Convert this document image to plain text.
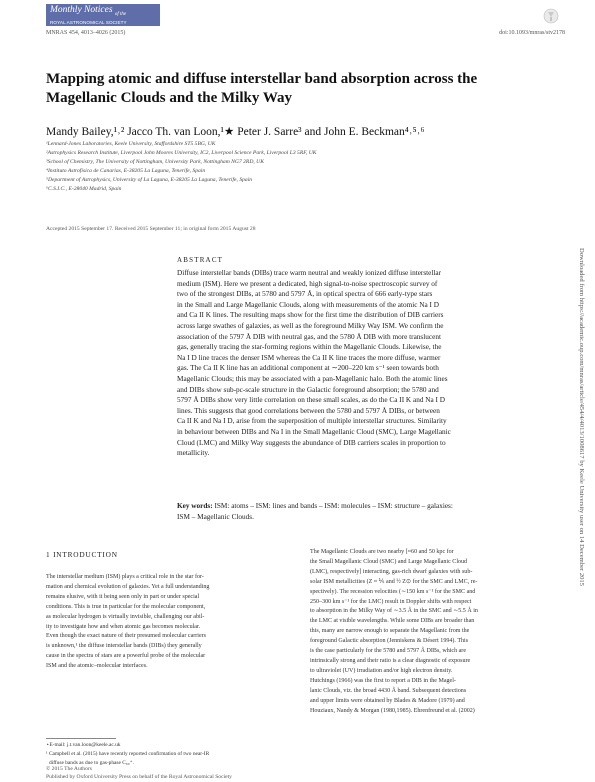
Monthly Notices $_{of the}$
ROYAL ASTRONOMICAL SOCIETY
MNRAS 454, 4013–4026 (2015)	doi:10.1093/mnras/stv2178
Mapping atomic and diffuse interstellar band absorption across the Magellanic Clouds and the Milky Way
Mandy Bailey,¹˒² Jacco Th. van Loon,¹★ Peter J. Sarre³ and John E. Beckman⁴˒⁵˒⁶
¹Lennard-Jones Laboratories, Keele University, Staffordshire ST5 5BG, UK
²Astrophysics Research Institute, Liverpool John Moores University, IC2, Liverpool Science Park, Liverpool L3 5RF, UK
³School of Chemistry, The University of Nottingham, University Park, Nottingham NG7 2RD, UK
⁴Instituto Astrofísica de Canarias, E-38205 La Laguna, Tenerife, Spain
⁵Department of Astrophysics, University of La Laguna, E-38205 La Laguna, Tenerife, Spain
⁶C.S.I.C., E-28040 Madrid, Spain
Accepted 2015 September 17. Received 2015 September 11; in original form 2015 August 28
ABSTRACT
Diffuse interstellar bands (DIBs) trace warm neutral and weakly ionized diffuse interstellar
medium (ISM). Here we present a dedicated, high signal-to-noise spectroscopic survey of
two of the strongest DIBs, at 5780 and 5797 Å, in optical spectra of 666 early-type stars
in the Small and Large Magellanic Clouds, along with measurements of the atomic Na I D
and Ca II K lines. The resulting maps show for the first time the distribution of DIB carriers
across large swathes of galaxies, as well as the foreground Milky Way ISM. We confirm the
association of the 5797 Å DIB with neutral gas, and the 5780 Å DIB with more translucent
gas, generally tracing the star-forming regions within the Magellanic Clouds. Likewise, the
Na I D line traces the denser ISM whereas the Ca II K line traces the more diffuse, warmer
gas. The Ca II K line has an additional component at ∼200–220 km s⁻¹ seen towards both
Magellanic Clouds; this may be associated with a pan-Magellanic halo. Both the atomic lines
and DIBs show sub-pc-scale structure in the Galactic foreground absorption; the 5780 and
5797 Å DIBs show very little correlation on these small scales, as do the Ca II K and Na I D
lines. This suggests that good correlations between the 5780 and 5797 Å DIBs, or between
Ca II K and Na I D, arise from the superposition of multiple interstellar structures. Similarity
in behaviour between DIBs and Na I in the Small Magellanic Cloud (SMC), Large Magellanic
Cloud (LMC) and Milky Way suggests the abundance of DIB carriers scales in proportion to
metallicity.
Key words: ISM: atoms – ISM: lines and bands – ISM: molecules – ISM: structure – galaxies:
ISM – Magellanic Clouds.
1 INTRODUCTION
The interstellar medium (ISM) plays a critical role in the star for-
mation and chemical evolution of galaxies. Yet a full understanding
remains elusive, with it being seen only in part or under special
conditions. This is true in particular for the molecular component,
as molecular hydrogen is virtually invisible, challenging our abil-
ity to investigate how and when atomic gas becomes molecular.
Even though the exact nature of their presumed molecular carriers
is unknown,¹ the diffuse interstellar bands (DIBs) they generally
cause in the spectra of stars are a powerful probe of the molecular
ISM and the atomic–molecular interfaces.
The Magellanic Clouds are two nearby [≈60 and 50 kpc for
the Small Magellanic Cloud (SMC) and Large Magellanic Cloud
(LMC), respectively] interacting, gas-rich dwarf galaxies with sub-
solar ISM metallicities (Z ≈ ⅕ and ½ Z⊙ for the SMC and LMC, re-
spectively). The recession velocities (∼150 km s⁻¹ for the SMC and
250–300 km s⁻¹ for the LMC) result in Doppler shifts with respect
to absorption in the Milky Way of ∼3.5 Å in the SMC and ∼5.5 Å in
the LMC at visible wavelengths. While some DIBs are broader than
this, many are narrow enough to separate the Magellanic from the
foreground Galactic absorption (Jenniskens & Désert 1994). This
is the case particularly for the 5780 and 5797 Å DIBs, which are
intrinsically strong and their ratio is a clear diagnostic of exposure
to ultraviolet (UV) irradiation and/or high electron density.
Hutchings (1966) was the first to report a DIB in the Magel-
lanic Clouds, viz. the broad 4430 Å band. Subsequent detections
and upper limits were obtained by Blades & Madore (1979) and
Houziaux, Nandy & Morgan (1980,1985). Ehrenfreund et al. (2002)
⋆E-mail: j.t.van.loon@keele.ac.uk
¹ Campbell et al. (2015) have recently reported confirmation of two near-IR
diffuse bands as due to gas-phase C₆₀⁺.
© 2015 The Authors
Published by Oxford University Press on behalf of the Royal Astronomical Society
Downloaded from https://academic.oup.com/mnras/article/454/4/4013/1008617 by Keele University user on 14 December 2015
